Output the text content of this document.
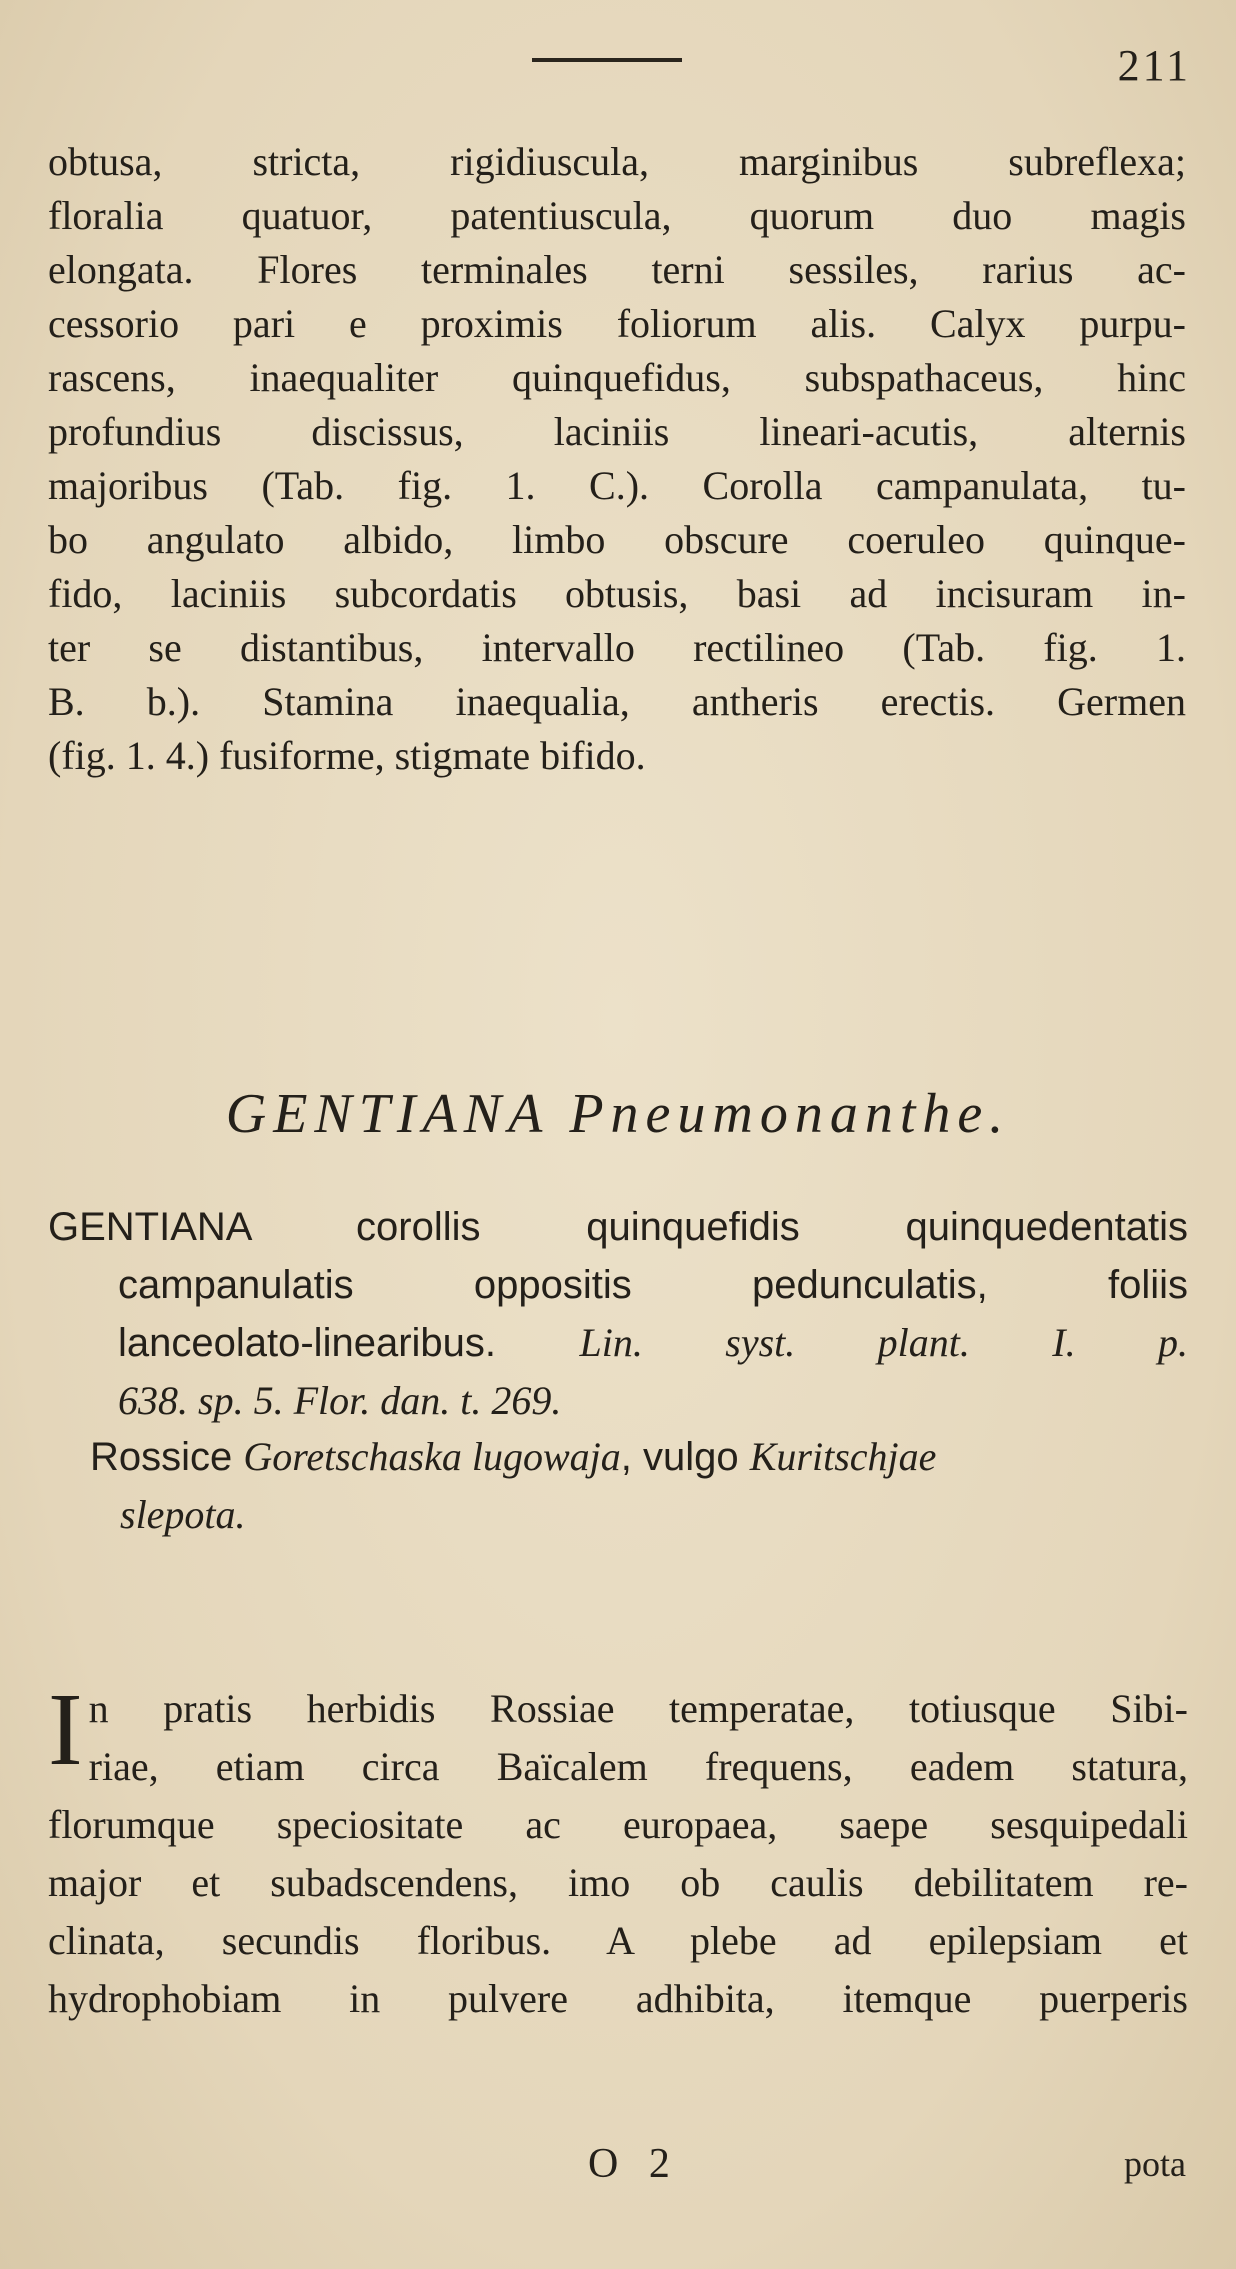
211
obtusa, stricta, rigidiuscula, marginibus subreflexa;
floralia quatuor, patentiuscula, quorum duo magis
elongata. Flores terminales terni sessiles, rarius ac-
cessorio pari e proximis foliorum alis. Calyx purpu-
rascens, inaequaliter quinquefidus, subspathaceus, hinc
profundius discissus, laciniis lineari-acutis, alternis
majoribus (Tab. fig. 1. C.). Corolla campanulata, tu-
bo angulato albido, limbo obscure coeruleo quinque-
fido, laciniis subcordatis obtusis, basi ad incisuram in-
ter se distantibus, intervallo rectilineo (Tab. fig. 1.
B. b.). Stamina inaequalia, antheris erectis. Germen
(fig. 1. 4.) fusiforme, stigmate bifido.
GENTIANA Pneumonanthe.
GENTIANA corollis quinquefidis quinquedentatis
campanulatis oppositis pedunculatis, foliis
lanceolato-linearibus. Lin. syst. plant. I. p.
638. sp. 5. Flor. dan. t. 269.
Rossice Goretschaska lugowaja, vulgo Kuritschjae
slepota.
I n pratis herbidis Rossiae temperatae, totiusque Sibi-
riae, etiam circa Baïcalem frequens, eadem statura,
florumque speciositate ac europaea, saepe sesquipedali
major et subadscendens, imo ob caulis debilitatem re-
clinata, secundis floribus. A plebe ad epilepsiam et
hydrophobiam in pulvere adhibita, itemque puerperis
O 2	pota
